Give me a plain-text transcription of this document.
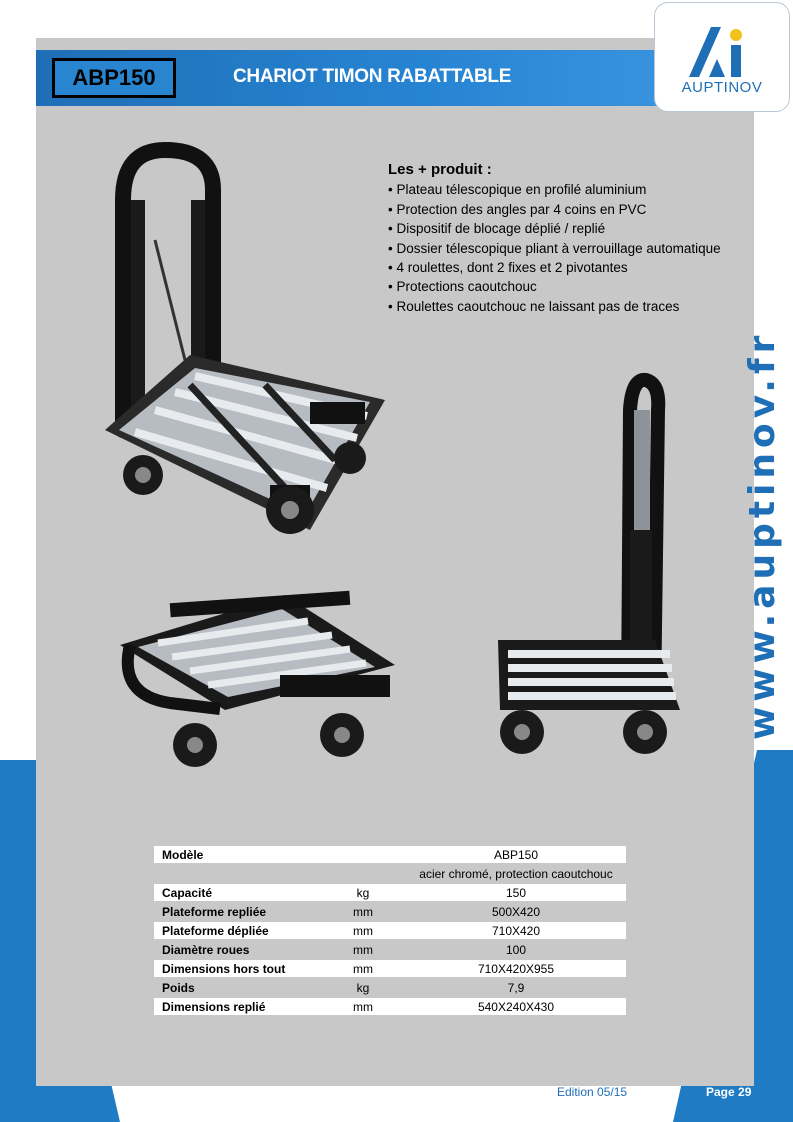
CHARIOT TIMON RABATTABLE
ABP150	AUPTINOV
Les + produit :
• Plateau télescopique en profilé aluminium
• Protection des angles par 4 coins en PVC
• Dispositif de blocage déplié / replié
• Dossier télescopique pliant à verrouillage automatique
• 4 roulettes, dont 2 fixes et 2 pivotantes
• Protections caoutchouc
• Roulettes caoutchouc ne laissant pas de traces
www.auptinov.fr
Modèle		ABP150
		acier chromé, protection caoutchouc
Capacité	kg	150
Plateforme repliée	mm	500X420
Plateforme dépliée	mm	710X420
Diamètre roues	mm	100
Dimensions hors tout	mm	710X420X955
Poids	kg	7,9
Dimensions replié	mm	540X240X430
Edition 05/15	Page 29
